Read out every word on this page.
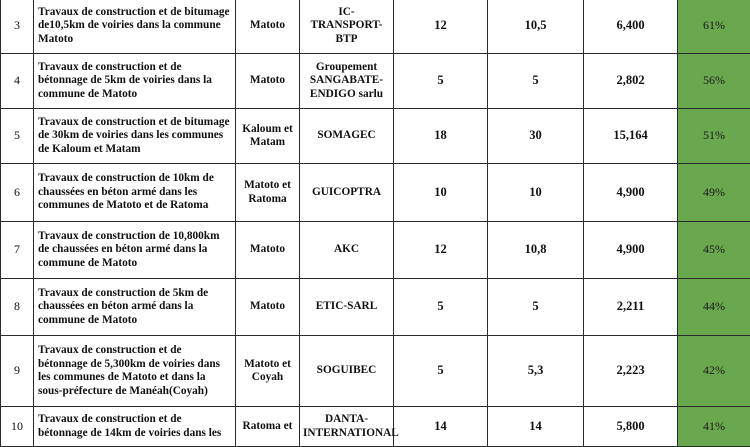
3	Travaux de construction et de bitumage de10,5km de voiries dans la commune Matoto	Matoto	IC-TRANSPORT-BTP	12	10,5	6,400	61%
4	Travaux de construction et de bétonnage de 5km de voiries dans la commune de Matoto	Matoto	Groupement SANGABATE-ENDIGO sarlu	5	5	2,802	56%
5	Travaux de construction et de bitumage de 30km de voiries dans les communes de Kaloum et Matam	Kaloum et Matam	SOMAGEC	18	30	15,164	51%
6	Travaux de construction de 10km de chaussées en béton armé dans les communes de Matoto et de Ratoma	Matoto et Ratoma	GUICOPTRA	10	10	4,900	49%
7	Travaux de construction de 10,800km de chaussées en béton armé dans la commune de Matoto	Matoto	AKC	12	10,8	4,900	45%
8	Travaux de construction de 5km de chaussées en béton armé dans la commune de Matoto	Matoto	ETIC-SARL	5	5	2,211	44%
9	Travaux de construction et de bétonnage de 5,300km de voiries dans les communes de Matoto et dans la sous-préfecture de Manéah(Coyah)	Matoto et Coyah	SOGUIBEC	5	5,3	2,223	42%
10	Travaux de construction et de bétonnage de 14km de voiries dans les	Ratoma et	DANTA-INTERNATIONAL	14	14	5,800	41%
